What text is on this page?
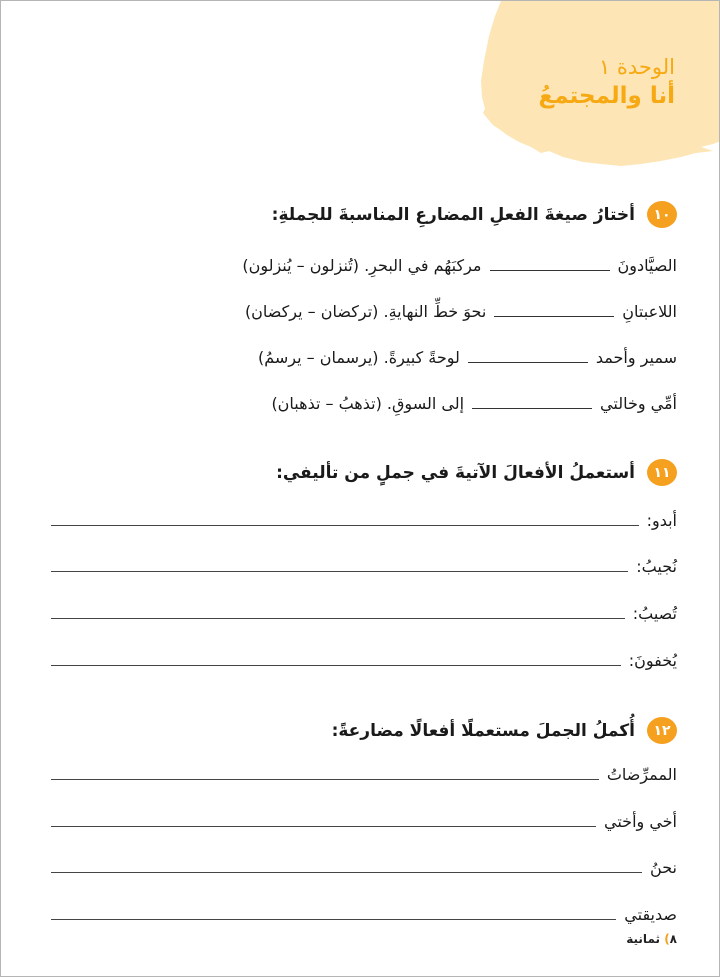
الوحدة ١
أنا والمجتمعُ
١٠
أختارُ صيغةَ الفعلِ المضارعِ المناسبةَ للجملةِ:
الصيَّادونَ
مركبَهُم في البحرِ. (تُنزلون – يُنزلون)
اللاعبتانِ
نحوَ خطِّ النهايةِ. (تركضان – يركضان)
سمير وأحمد
لوحةً كبيرةً. (يرسمان – يرسمُ)
أمِّي وخالتي
إلى السوقِ. (تذهبُ – تذهبان)
١١
أستعملُ الأفعالَ الآتيةَ في جملٍ من تأليفي:
أبدو:
نُجيبُ:
تُصيبُ:
يُخفونَ:
١٢
أُكملُ الجملَ مستعملًا أفعالًا مضارعةً:
الممرِّضاتُ
أخي وأختي
نحنُ
صديقتي
٨) ثمانية
